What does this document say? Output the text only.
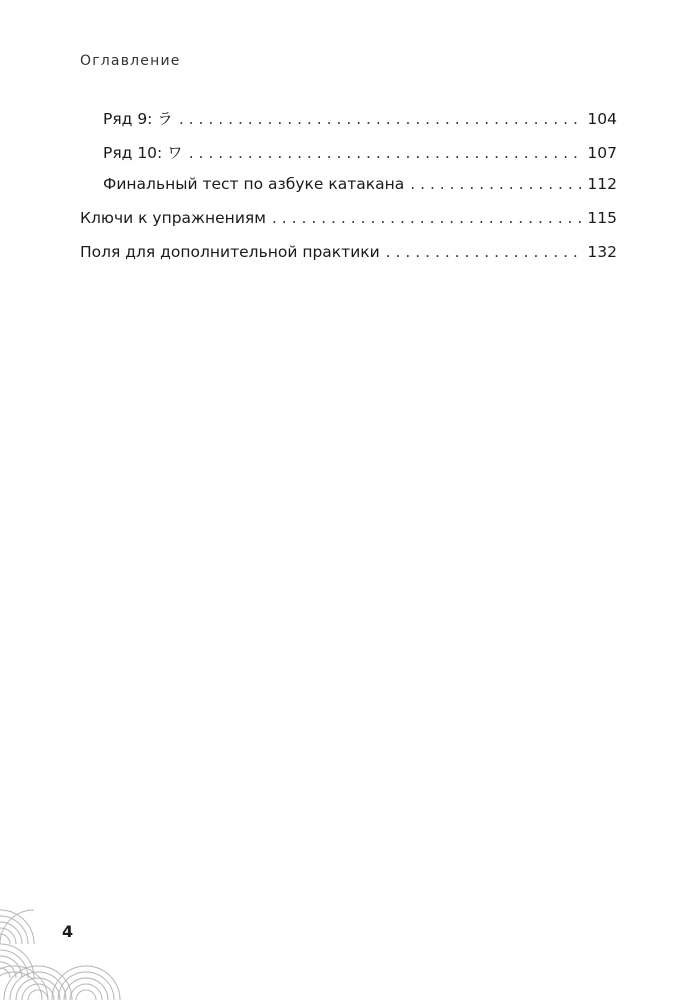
Оглавление
Ряд 9: ラ . . .	104
Ряд 10: ワ . . .	107
Финальный тест по азбуке катакана . . .	112
Ключи к упражнениям . . .	115
Поля для дополнительной практики . . .	132
4
